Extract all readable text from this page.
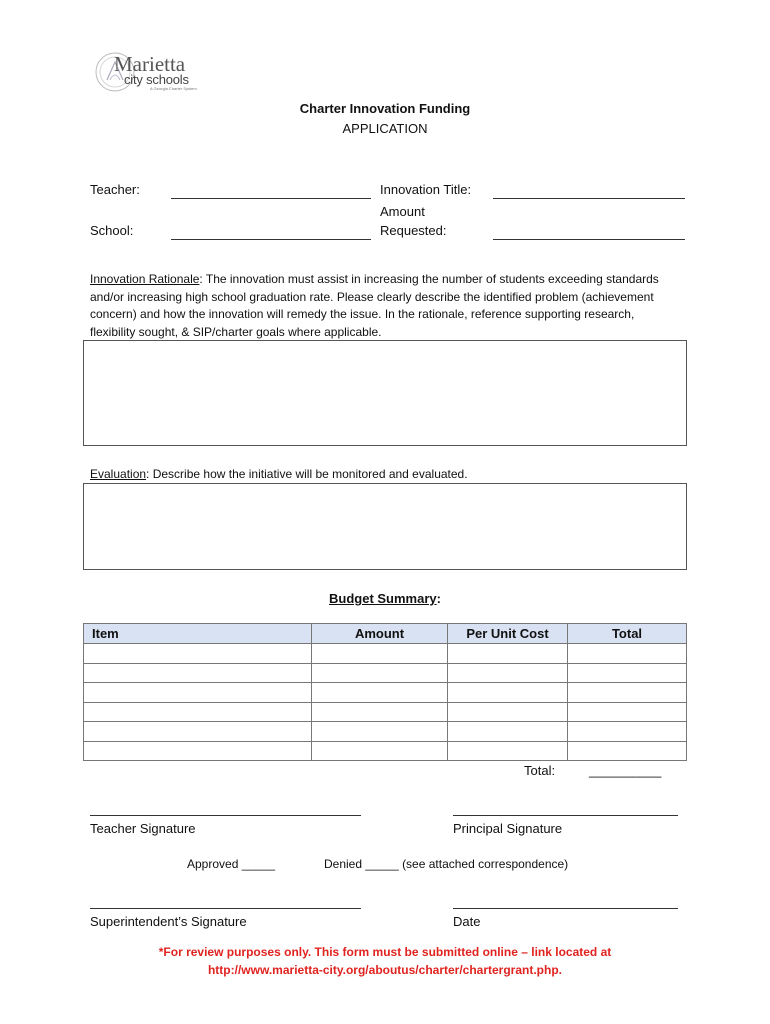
Marietta
city schools
A Georgia Charter System
Charter Innovation Funding
APPLICATION
Teacher:	Innovation Title:
Amount
School:	Requested:
Innovation Rationale: The innovation must assist in increasing the number of students exceeding standards and/or increasing high school graduation rate. Please clearly describe the identified problem (achievement concern) and how the innovation will remedy the issue. In the rationale, reference supporting research, flexibility sought, & SIP/charter goals where applicable.
Evaluation: Describe how the initiative will be monitored and evaluated.
Budget Summary:
Item	Amount	Per Unit Cost	Total

Total:	__________
Teacher Signature	Principal Signature
Approved _____	Denied _____ (see attached correspondence)
Superintendent’s Signature	Date
*For review purposes only. This form must be submitted online – link located at
http://www.marietta-city.org/aboutus/charter/chartergrant.php.
